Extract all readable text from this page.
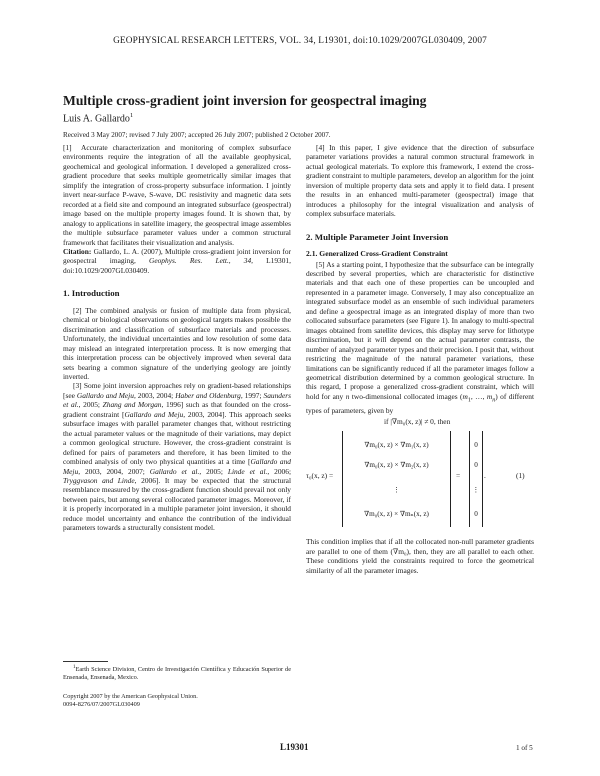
GEOPHYSICAL RESEARCH LETTERS, VOL. 34, L19301, doi:10.1029/2007GL030409, 2007
Multiple cross-gradient joint inversion for geospectral imaging
Luis A. Gallardo$^1$
Received 3 May 2007; revised 7 July 2007; accepted 26 July 2007; published 2 October 2007.

[1] Accurate characterization and monitoring of complex subsurface environments require the integration of all the available geophysical, geochemical and geological information. I developed a generalized cross-gradient procedure that seeks multiple geometrically similar images that simplify the integration of cross-property subsurface information. I jointly invert near-surface P-wave, S-wave, DC resistivity and magnetic data sets recorded at a field site and compound an integrated subsurface (geospectral) image based on the multiple property images found. It is shown that, by analogy to applications in satellite imagery, the geospectral image assembles the multiple subsurface parameter values under a common structural framework that facilitates their visualization and analysis.

Citation: Gallardo, L. A. (2007), Multiple cross-gradient joint inversion for geospectral imaging, Geophys. Res. Lett., 34, L19301, doi:10.1029/2007GL030409.

1. Introduction

[2] The combined analysis or fusion of multiple data from physical, chemical or biological observations on geological targets makes possible the discrimination and classification of subsurface materials and processes. Unfortunately, the individual uncertainties and low resolution of some data may mislead an integrated interpretation process. It is now emerging that this interpretation process can be objectively improved when several data sets bearing a common signature of the underlying geology are jointly inverted.

[3] Some joint inversion approaches rely on gradient-based relationships [see Gallardo and Meju, 2003, 2004; Haber and Oldenburg, 1997; Saunders et al., 2005; Zhang and Morgan, 1996] such as that founded on the cross-gradient constraint [Gallardo and Meju, 2003, 2004]. This approach seeks subsurface images with parallel parameter changes that, without restricting the actual parameter values or the magnitude of their variations, may depict a common geological structure. However, the cross-gradient constraint is defined for pairs of parameters and therefore, it has been limited to the combined analysis of only two physical quantities at a time [Gallardo and Meju, 2003, 2004, 2007; Gallardo et al., 2005; Linde et al., 2006; Tryggvason and Linde, 2006]. It may be expected that the structural resemblance measured by the cross-gradient function should prevail not only between pairs, but among several collocated parameter images. Moreover, if it is properly incorporated in a multiple parameter joint inversion, it should reduce model uncertainty and enhance the contribution of the individual parameters towards a structurally consistent model.

[4] In this paper, I give evidence that the direction of subsurface parameter variations provides a natural common structural framework in actual geological materials. To explore this framework, I extend the cross-gradient constraint to multiple parameters, develop an algorithm for the joint inversion of multiple property data sets and apply it to field data. I present the results in an enhanced multi-parameter (geospectral) image that introduces a philosophy for the integral visualization and analysis of complex subsurface materials.

2. Multiple Parameter Joint Inversion
2.1. Generalized Cross-Gradient Constraint

[5] As a starting point, I hypothesize that the subsurface can be integrally described by several properties, which are characteristic for distinctive materials and that each one of these properties can be uncoupled and represented in a parameter image. Conversely, I may also conceptualize an integrated subsurface model as an ensemble of such individual parameters and define a geospectral image as an integrated display of more than two collocated subsurface parameters (see Figure 1). In analogy to multi-spectral images obtained from satellite devices, this display may serve for lithotype discrimination, but it will depend on the actual parameter contrasts, the number of analyzed parameter types and their precision. I posit that, without restricting the magnitude of the natural parameter variations, these limitations can be significantly reduced if all the parameter images follow a geometrical distribution determined by a common geological structure. In this regard, I propose a generalized cross-gradient constraint, which will hold for any n two-dimensional collocated images ($m_1$, …, $m_n$) of different types of parameters, given by

if |∇m₀(x, z)| ≠ 0, then
τ₀(x, z) =
∇m₀(x, z) × ∇m₁(x, z)
∇m₀(x, z) × ∇m₂(x, z)
⋮
∇m₀(x, z) × ∇mₙ(x, z)
=
0
0
⋮
0
.	(1)

This condition implies that if all the collocated non-null parameter gradients are parallel to one of them (∇m₀), then, they are all parallel to each other. These conditions yield the constraints required to force the geometrical similarity of all the parameter images.

$^1$Earth Science Division, Centro de Investigación Científica y Educación Superior de Ensenada, Ensenada, Mexico.
Copyright 2007 by the American Geophysical Union.
0094-8276/07/2007GL030409
L19301	1 of 5
